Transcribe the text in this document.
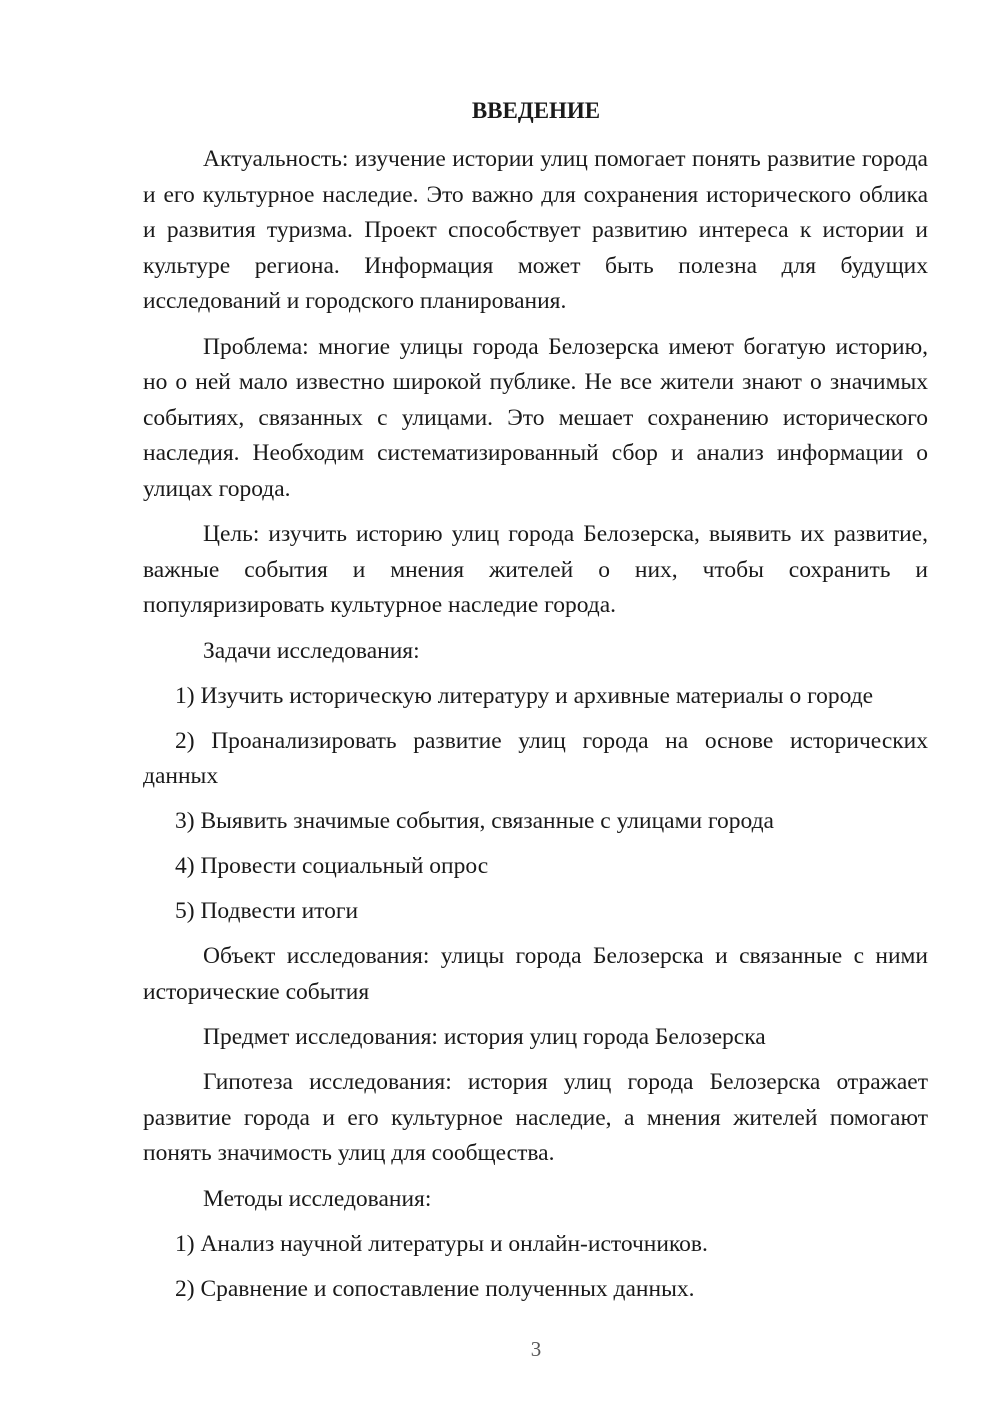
ВВЕДЕНИЕ

Актуальность: изучение истории улиц помогает понять развитие города и его культурное наследие. Это важно для сохранения исторического облика и развития туризма. Проект способствует развитию интереса к истории и культуре региона. Информация может быть полезна для будущих исследований и городского планирования.

Проблема: многие улицы города Белозерска имеют богатую историю, но о ней мало известно широкой публике. Не все жители знают о значимых событиях, связанных с улицами. Это мешает сохранению исторического наследия. Необходим систематизированный сбор и анализ информации о улицах города.

Цель: изучить историю улиц города Белозерска, выявить их развитие, важные события и мнения жителей о них, чтобы сохранить и популяризировать культурное наследие города.

Задачи исследования:

1) Изучить историческую литературу и архивные материалы о городе

2) Проанализировать развитие улиц города на основе исторических данных

3) Выявить значимые события, связанные с улицами города

4) Провести социальный опрос

5) Подвести итоги

Объект исследования: улицы города Белозерска и связанные с ними исторические события

Предмет исследования: история улиц города Белозерска

Гипотеза исследования: история улиц города Белозерска отражает развитие города и его культурное наследие, а мнения жителей помогают понять значимость улиц для сообщества.

Методы исследования:

1) Анализ научной литературы и онлайн-источников.

2) Сравнение и сопоставление полученных данных.

3
